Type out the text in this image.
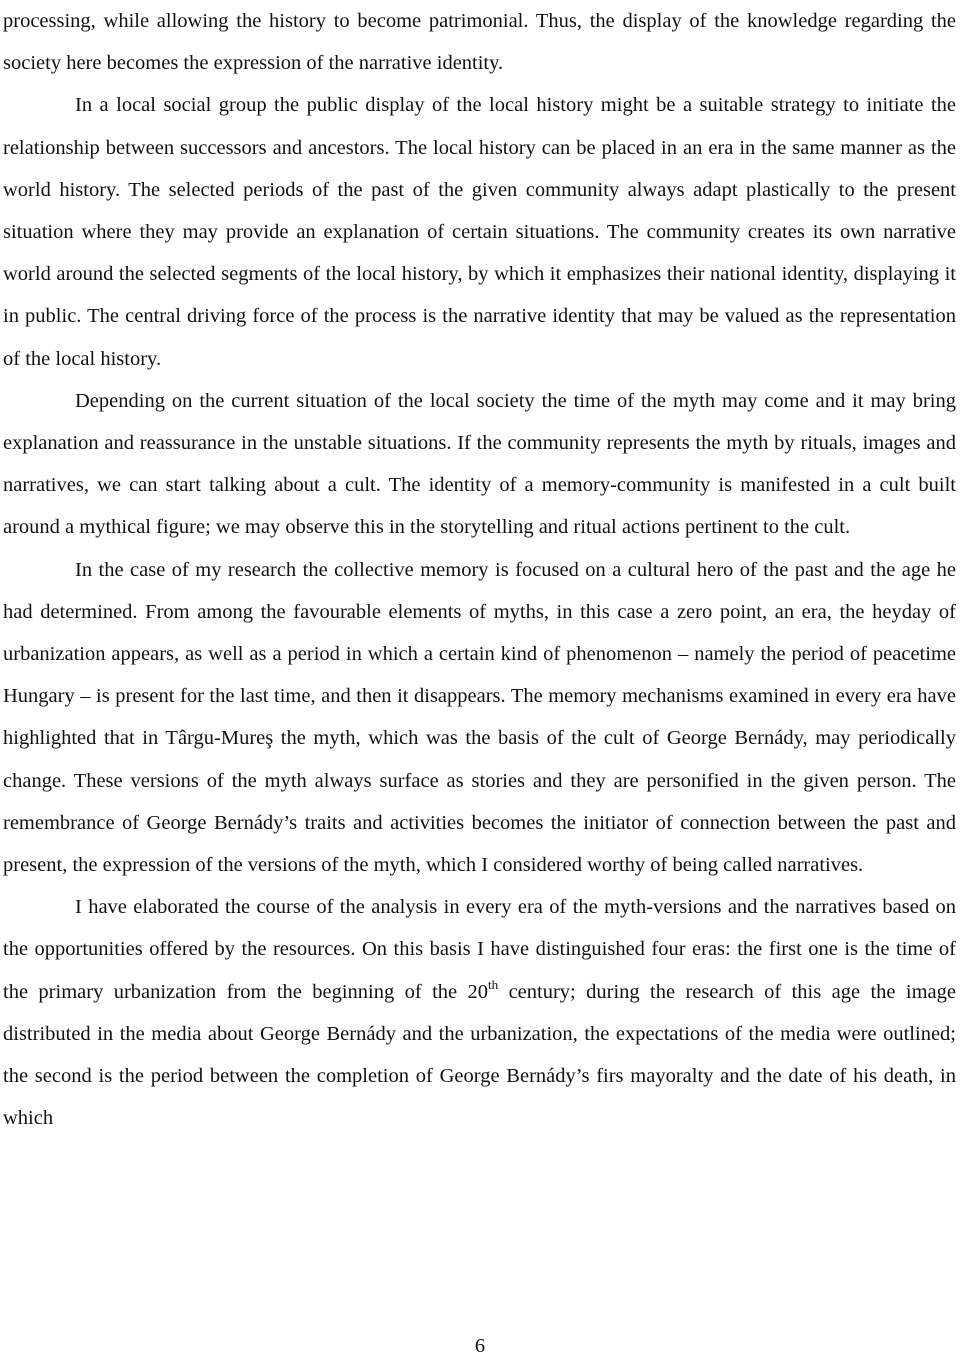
processing, while allowing the history to become patrimonial. Thus, the display of the knowledge regarding the society here becomes the expression of the narrative identity.

In a local social group the public display of the local history might be a suitable strategy to initiate the relationship between successors and ancestors. The local history can be placed in an era in the same manner as the world history. The selected periods of the past of the given community always adapt plastically to the present situation where they may provide an explanation of certain situations. The community creates its own narrative world around the selected segments of the local history, by which it emphasizes their national identity, displaying it in public. The central driving force of the process is the narrative identity that may be valued as the representation of the local history.

Depending on the current situation of the local society the time of the myth may come and it may bring explanation and reassurance in the unstable situations. If the community represents the myth by rituals, images and narratives, we can start talking about a cult. The identity of a memory-community is manifested in a cult built around a mythical figure; we may observe this in the storytelling and ritual actions pertinent to the cult.

In the case of my research the collective memory is focused on a cultural hero of the past and the age he had determined. From among the favourable elements of myths, in this case a zero point, an era, the heyday of urbanization appears, as well as a period in which a certain kind of phenomenon – namely the period of peacetime Hungary – is present for the last time, and then it disappears. The memory mechanisms examined in every era have highlighted that in Târgu-Mureş the myth, which was the basis of the cult of George Bernády, may periodically change. These versions of the myth always surface as stories and they are personified in the given person. The remembrance of George Bernády’s traits and activities becomes the initiator of connection between the past and present, the expression of the versions of the myth, which I considered worthy of being called narratives.

I have elaborated the course of the analysis in every era of the myth-versions and the narratives based on the opportunities offered by the resources. On this basis I have distinguished four eras: the first one is the time of the primary urbanization from the beginning of the 20th century; during the research of this age the image distributed in the media about George Bernády and the urbanization, the expectations of the media were outlined; the second is the period between the completion of George Bernády’s firs mayoralty and the date of his death, in which

6
